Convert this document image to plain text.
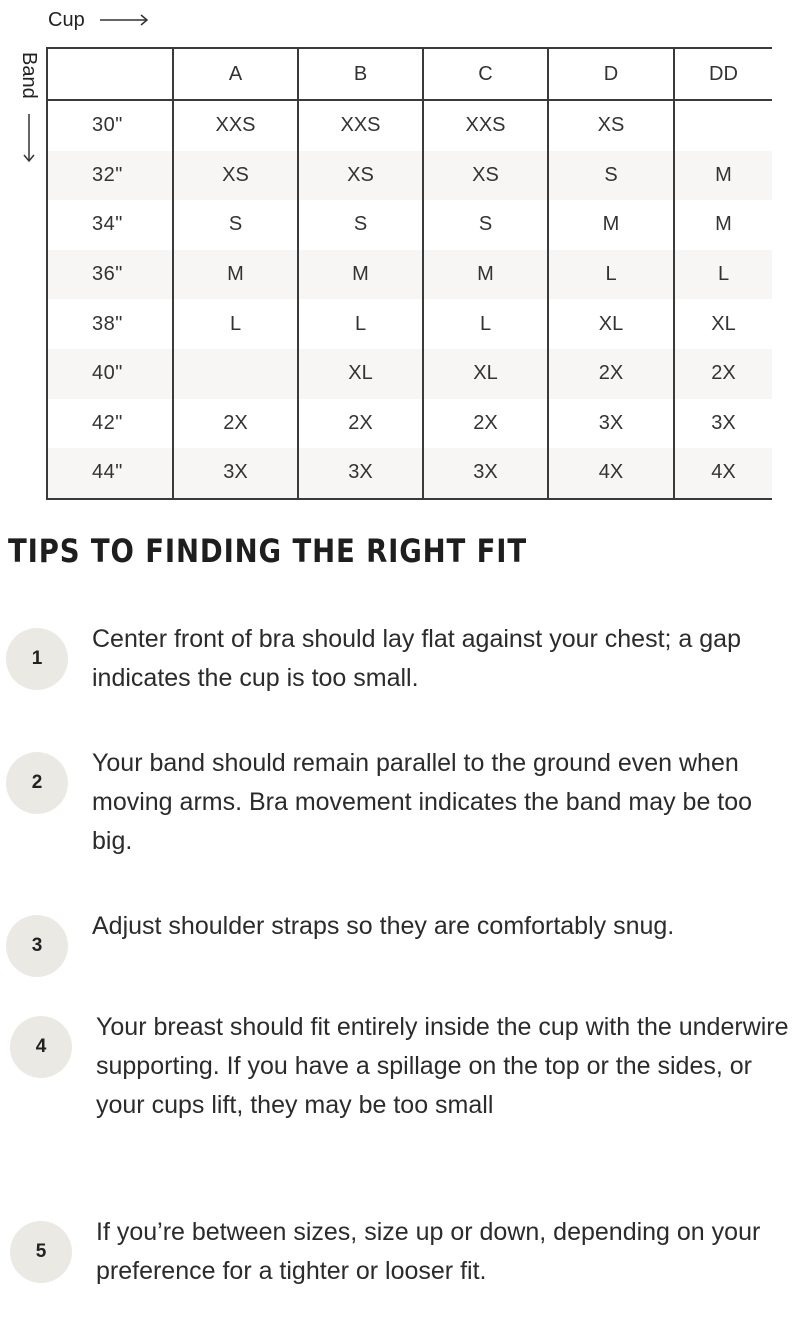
Cup
Band
		A	B	C	D	DD
30"	XXS	XXS	XXS	XS	
32"	XS	XS	XS	S	M
34"	S	S	S	M	M
36"	M	M	M	L	L
38"	L	L	L	XL	XL
40"		XL	XL	2X	2X
42"	2X	2X	2X	3X	3X
44"	3X	3X	3X	4X	4X
TIPS TO FINDING THE RIGHT FIT
1
Center front of bra should lay flat against your chest; a gap indicates the cup is too small.
2
Your band should remain parallel to the ground even when moving arms. Bra movement indicates the band may be too big.
3
Adjust shoulder straps so they are comfortably snug.
4
Your breast should fit entirely inside the cup with the underwire supporting. If you have a spillage on the top or the sides, or your cups lift, they may be too small
5
If you’re between sizes, size up or down, depending on your preference for a tighter or looser fit.
